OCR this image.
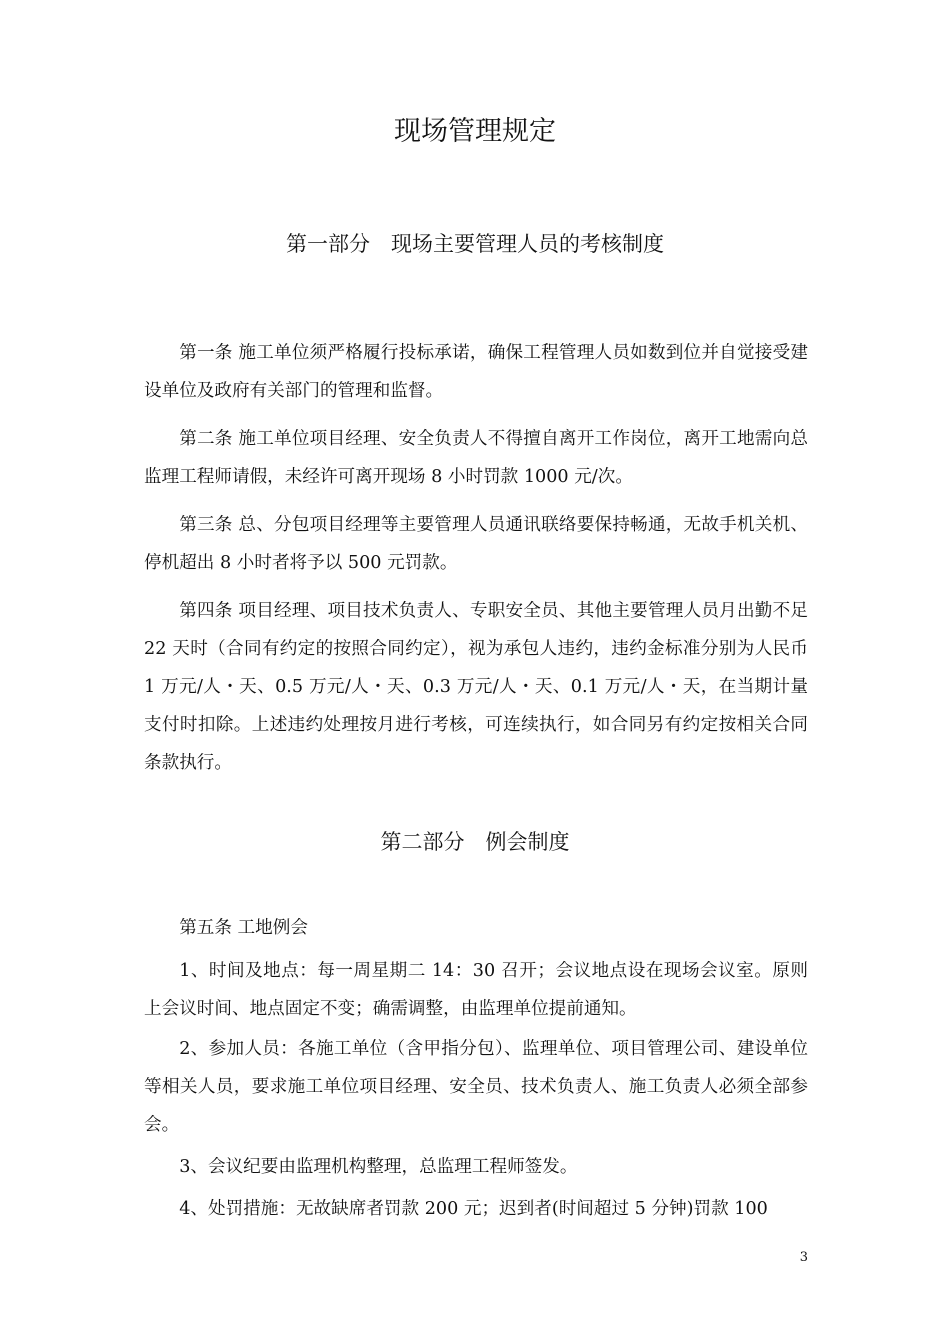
现场管理规定
第一部分　现场主要管理人员的考核制度

第一条 施工单位须严格履行投标承诺，确保工程管理人员如数到位并自觉接受建设单位及政府有关部门的管理和监督。

第二条 施工单位项目经理、安全负责人不得擅自离开工作岗位，离开工地需向总监理工程师请假，未经许可离开现场 8 小时罚款 1000 元/次。

第三条 总、分包项目经理等主要管理人员通讯联络要保持畅通，无故手机关机、停机超出 8 小时者将予以 500 元罚款。

第四条 项目经理、项目技术负责人、专职安全员、其他主要管理人员月出勤不足 22 天时（合同有约定的按照合同约定），视为承包人违约，违约金标准分别为人民币 1 万元/人・天、0.5 万元/人・天、0.3 万元/人・天、0.1 万元/人・天，在当期计量支付时扣除。上述违约处理按月进行考核，可连续执行，如合同另有约定按相关合同条款执行。

第二部分　例会制度

第五条 工地例会

1、时间及地点：每一周星期二 14：30 召开；会议地点设在现场会议室。原则上会议时间、地点固定不变；确需调整，由监理单位提前通知。

2、参加人员：各施工单位（含甲指分包）、监理单位、项目管理公司、建设单位等相关人员，要求施工单位项目经理、安全员、技术负责人、施工负责人必须全部参会。

3、会议纪要由监理机构整理，总监理工程师签发。

4、处罚措施：无故缺席者罚款 200 元；迟到者(时间超过 5 分钟)罚款 100

3
